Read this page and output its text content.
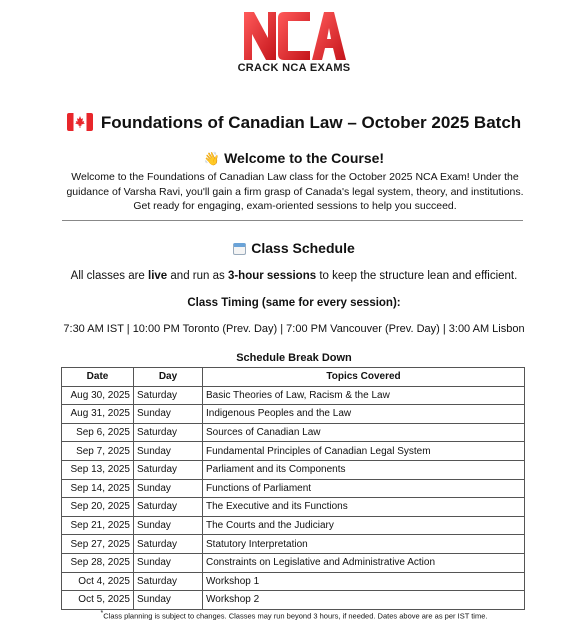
CRACK NCA EXAMS
Foundations of Canadian Law – October 2025 Batch
👋 Welcome to the Course!

Welcome to the Foundations of Canadian Law class for the October 2025 NCA Exam! Under the guidance of Varsha Ravi, you'll gain a firm grasp of Canada's legal system, theory, and institutions. Get ready for engaging, exam-oriented sessions to help you succeed.

Class Schedule

All classes are live and run as 3-hour sessions to keep the structure lean and efficient.

Class Timing (same for every session):

7:30 AM IST | 10:00 PM Toronto (Prev. Day) | 7:00 PM Vancouver (Prev. Day) | 3:00 AM Lisbon

Schedule Break Down
Date	Day	Topics Covered
Aug 30, 2025	Saturday	Basic Theories of Law, Racism & the Law
Aug 31, 2025	Sunday	Indigenous Peoples and the Law
Sep 6, 2025	Saturday	Sources of Canadian Law
Sep 7, 2025	Sunday	Fundamental Principles of Canadian Legal System
Sep 13, 2025	Saturday	Parliament and its Components
Sep 14, 2025	Sunday	Functions of Parliament
Sep 20, 2025	Saturday	The Executive and its Functions
Sep 21, 2025	Sunday	The Courts and the Judiciary
Sep 27, 2025	Saturday	Statutory Interpretation
Sep 28, 2025	Sunday	Constraints on Legislative and Administrative Action
Oct 4, 2025	Saturday	Workshop 1
Oct 5, 2025	Sunday	Workshop 2
*Class planning is subject to changes. Classes may run beyond 3 hours, if needed. Dates above are as per IST time.
